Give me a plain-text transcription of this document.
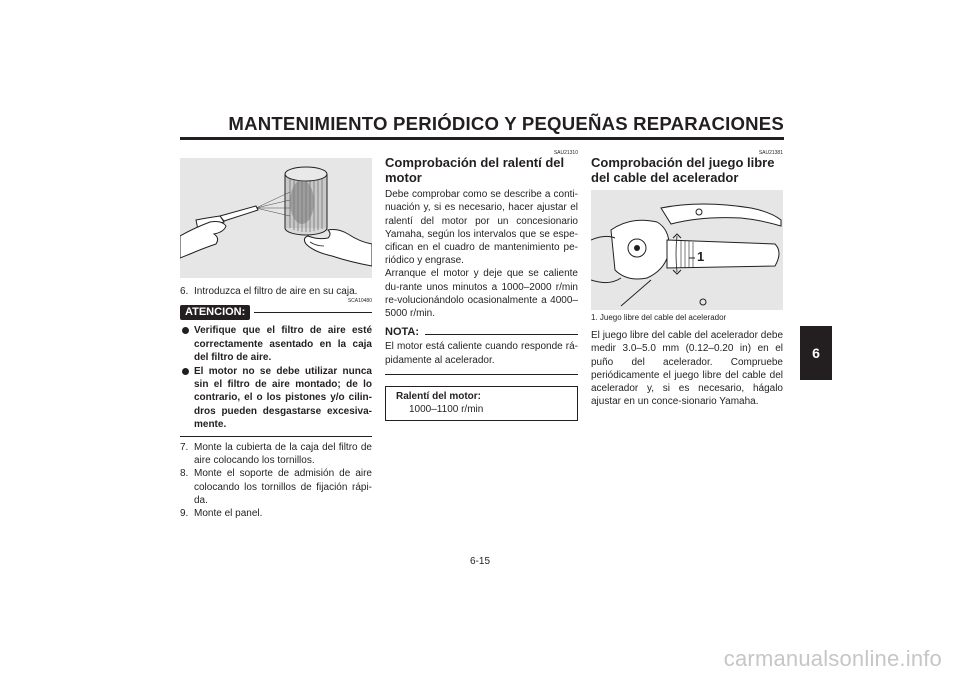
MANTENIMIENTO PERIÓDICO Y PEQUEÑAS REPARACIONES
6
6. Introduzca el filtro de aire en su caja.
SCA10480
ATENCION:
Verifique que el filtro de aire esté correctamente asentado en la caja del filtro de aire.
El motor no se debe utilizar nunca sin el filtro de aire montado; de lo contrario, el o los pistones y/o cilin-dros pueden desgastarse excesiva-mente.
7. Monte la cubierta de la caja del filtro de aire colocando los tornillos.
8. Monte el soporte de admisión de aire colocando los tornillos de fijación rápi-da.
9. Monte el panel.
SAU21310
Comprobación del ralentí del motor

Debe comprobar como se describe a conti-nuación y, si es necesario, hacer ajustar el ralentí del motor por un concesionario Yamaha, según los intervalos que se espe-cifican en el cuadro de mantenimiento pe-riódico y engrase.

Arranque el motor y deje que se caliente du-rante unos minutos a 1000–2000 r/min re-volucionándolo ocasionalmente a 4000–5000 r/min.

NOTA:

El motor está caliente cuando responde rá-pidamente al acelerador.

Ralentí del motor:
1000–1100 r/min
SAU21381
Comprobación del juego libre del cable del acelerador
1
1. Juego libre del cable del acelerador

El juego libre del cable del acelerador debe medir 3.0–5.0 mm (0.12–0.20 in) en el puño del acelerador. Compruebe periódicamente el juego libre del cable del acelerador y, si es necesario, hágalo ajustar en un conce-sionario Yamaha.

6-15
carmanualsonline.info
